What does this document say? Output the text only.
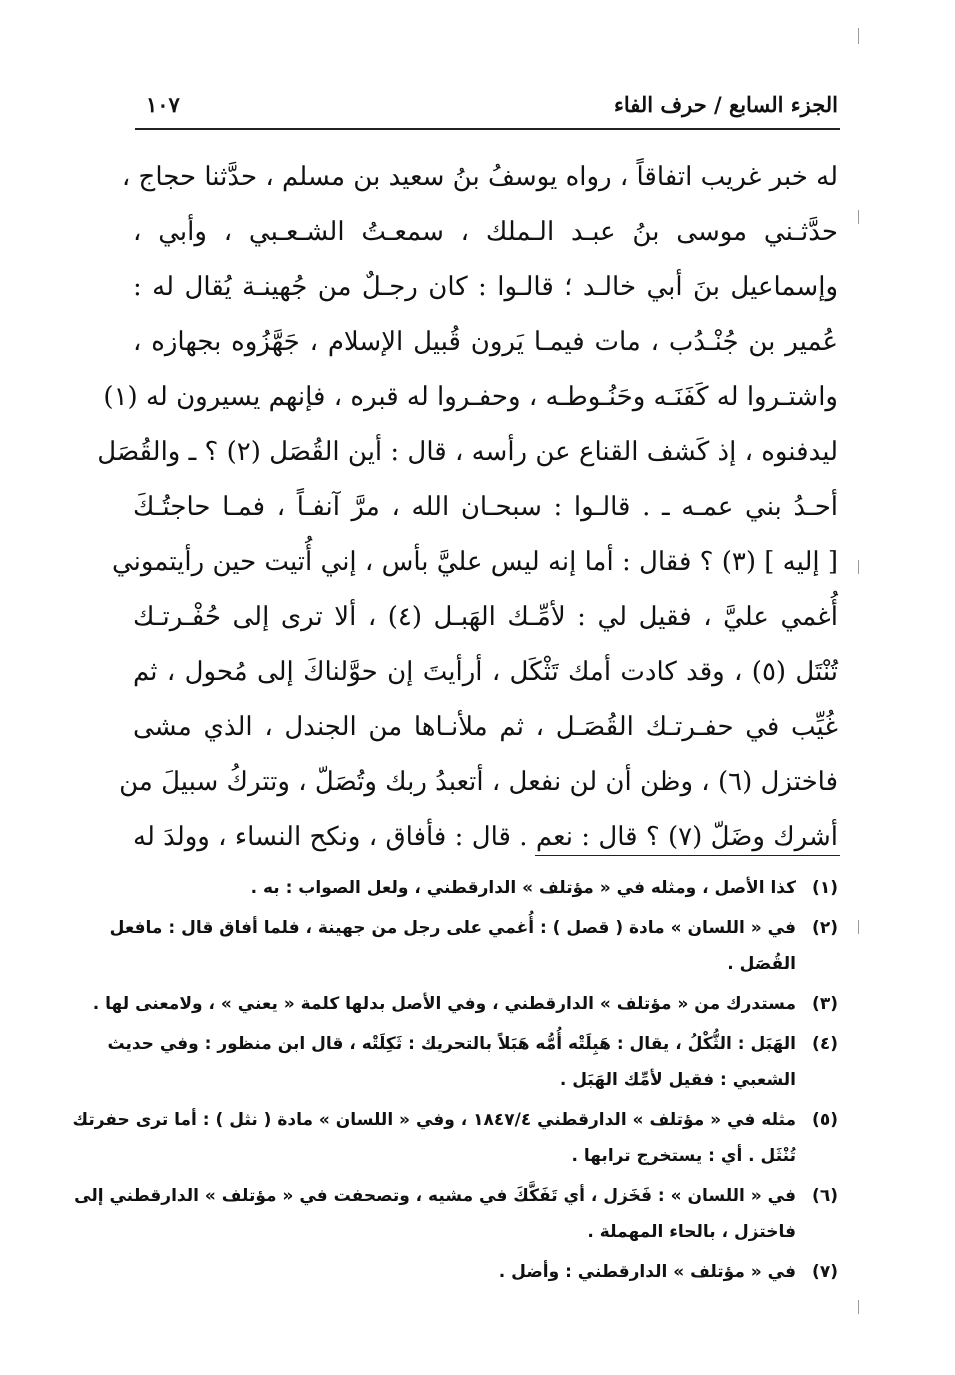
الجزء السابع / حرف الفاء
١٠٧
له خبر غريب اتفاقاً ، رواه يوسفُ بنُ سعيد بن مسلم ، حدَّثنا حجاج ،
حدَّثـني موسى بنُ عبـد الـملك ، سمعـتُ الشـعـبي ، وأبي ،
وإسماعيل بنَ أبي خالـد ؛ قالـوا : كان رجـلٌ من جُهينـة يُقال له :
عُمير بن جُنْـدُب ، مات فيمـا يَرون قُبيل الإسلام ، جَهَّزُوه بجهازه ،
واشتـروا له كَفَنَـه وحَنُـوطـه ، وحفـروا له قبره ، فإنهم يسيرون له (١)
ليدفنوه ، إذ كَشف القناع عن رأسه ، قال : أين القُصَل (٢) ؟ ـ والقُصَل
أحـدُ بني عمـه ـ . قالـوا : سبحـان الله ، مرَّ آنفـاً ، فمـا حاجتُـكَ
[ إليه ] (٣) ؟ فقال : أما إنه ليس عليَّ بأس ، إني أُتيت حين رأيتموني
أُغمي عليَّ ، فقيل لي : لأمِّـك الهَبـل (٤) ، ألا ترى إلى حُفْـرتـك
تُنْتَل (٥) ، وقد كادت أمك تَثْكَل ، أرأيتَ إن حوَّلناكَ إلى مُحول ، ثم
غُيِّب في حفـرتـك القُصَـل ، ثم ملأنـاها من الجندل ، الذي مشى
فاختزل (٦) ، وظن أن لن نفعل ، أتعبدُ ربك وتُصَلّ ، وتتركُ سبيلَ من
أشرك وضَلّ (٧) ؟ قال : نعم . قال : فأفاق ، ونكح النساء ، وولدَ له
(١)
كذا الأصل ، ومثله في « مؤتلف » الدارقطني ، ولعل الصواب : به .
(٢)
في « اللسان » مادة ( قصل ) : أُغمي على رجل من جهينة ، فلما أفاق قال : مافعل
القُصَل .
(٣)
مستدرك من « مؤتلف » الدارقطني ، وفي الأصل بدلها كلمة « يعني » ، ولامعنى لها .
(٤)
الهَبَل : الثُّكْلُ ، يقال : هَبِلَتْه أُمُّه هَبَلاً بالتحريك : ثَكِلَتْه ، قال ابن منظور : وفي حديث
الشعبي : فقيل لأمِّك الهَبَل .
(٥)
مثله في « مؤتلف » الدارقطني ١٨٤٧/٤ ، وفي « اللسان » مادة ( نثل ) : أما ترى حفرتك
تُنْثَل . أي : يستخرج ترابها .
(٦)
في « اللسان » : فَخَزل ، أي تَفَكَّكَ في مشيه ، وتصحفت في « مؤتلف » الدارقطني إلى
فاختزل ، بالحاء المهملة .
(٧)
في « مؤتلف » الدارقطني : وأضل .
